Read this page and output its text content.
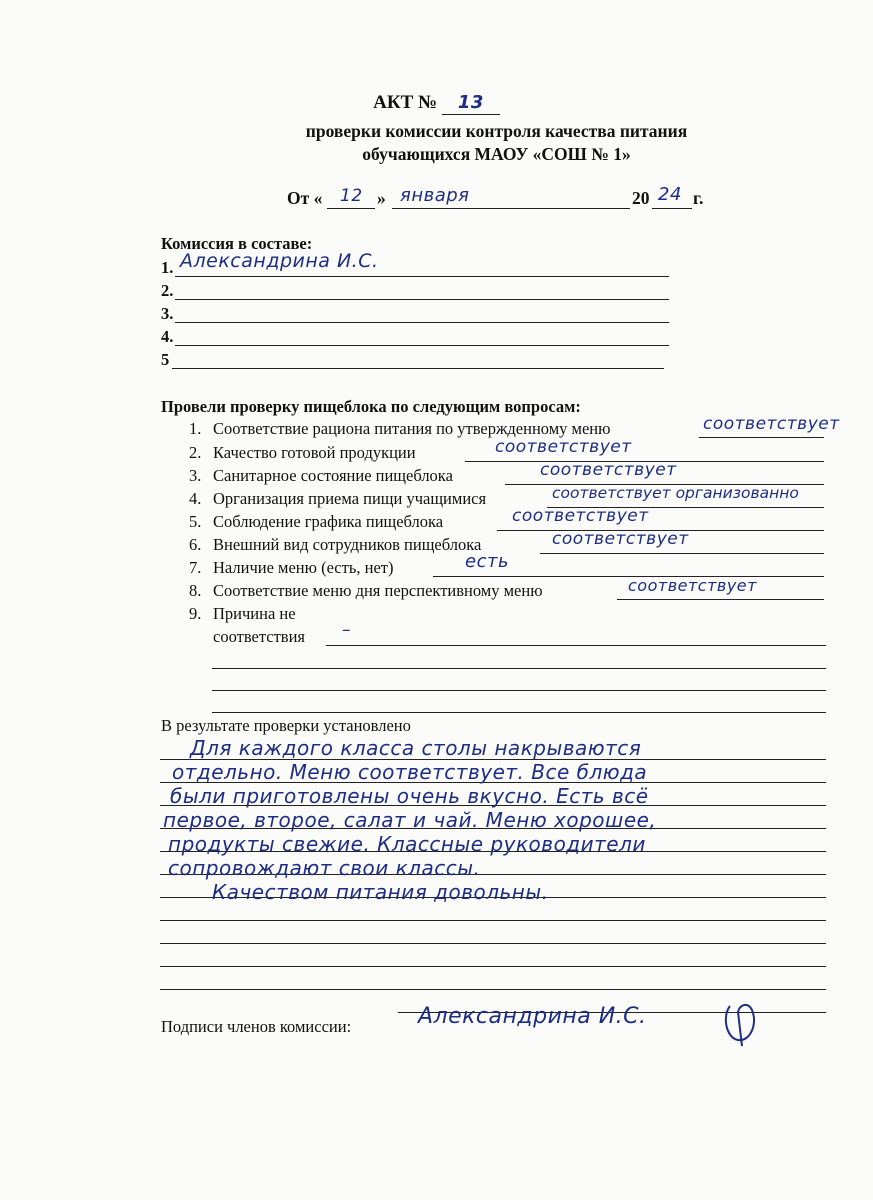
АКТ № 13
проверки комиссии контроля качества питания
обучающихся МАОУ «СОШ № 1»
От « 12 » января	20 24 г.
Комиссия в составе:
1. Александрина И.С.
2.
3.
4.
5
Провели проверку пищеблока по следующим вопросам:
1. Соответствие рациона питания по утвержденному меню	соответствует
2. Качество готовой продукции	соответствует
3. Санитарное состояние пищеблока	соответствует
4. Организация приема пищи учащимися	соответствует организованно
5. Соблюдение графика пищеблока	соответствует
6. Внешний вид сотрудников пищеблока	соответствует
7. Наличие меню (есть, нет)	есть
8. Соответствие меню дня перспективному меню	соответствует
9. Причина не
соответствия –
В результате проверки установлено
Для каждого класса столы накрываются
отдельно. Меню соответствует. Все блюда
были приготовлены очень вкусно. Есть всё
первое, второе, салат и чай. Меню хорошее,
продукты свежие. Классные руководители
сопровождают свои классы.
Качеством питания довольны.
Подписи членов комиссии:	Александрина И.С.
